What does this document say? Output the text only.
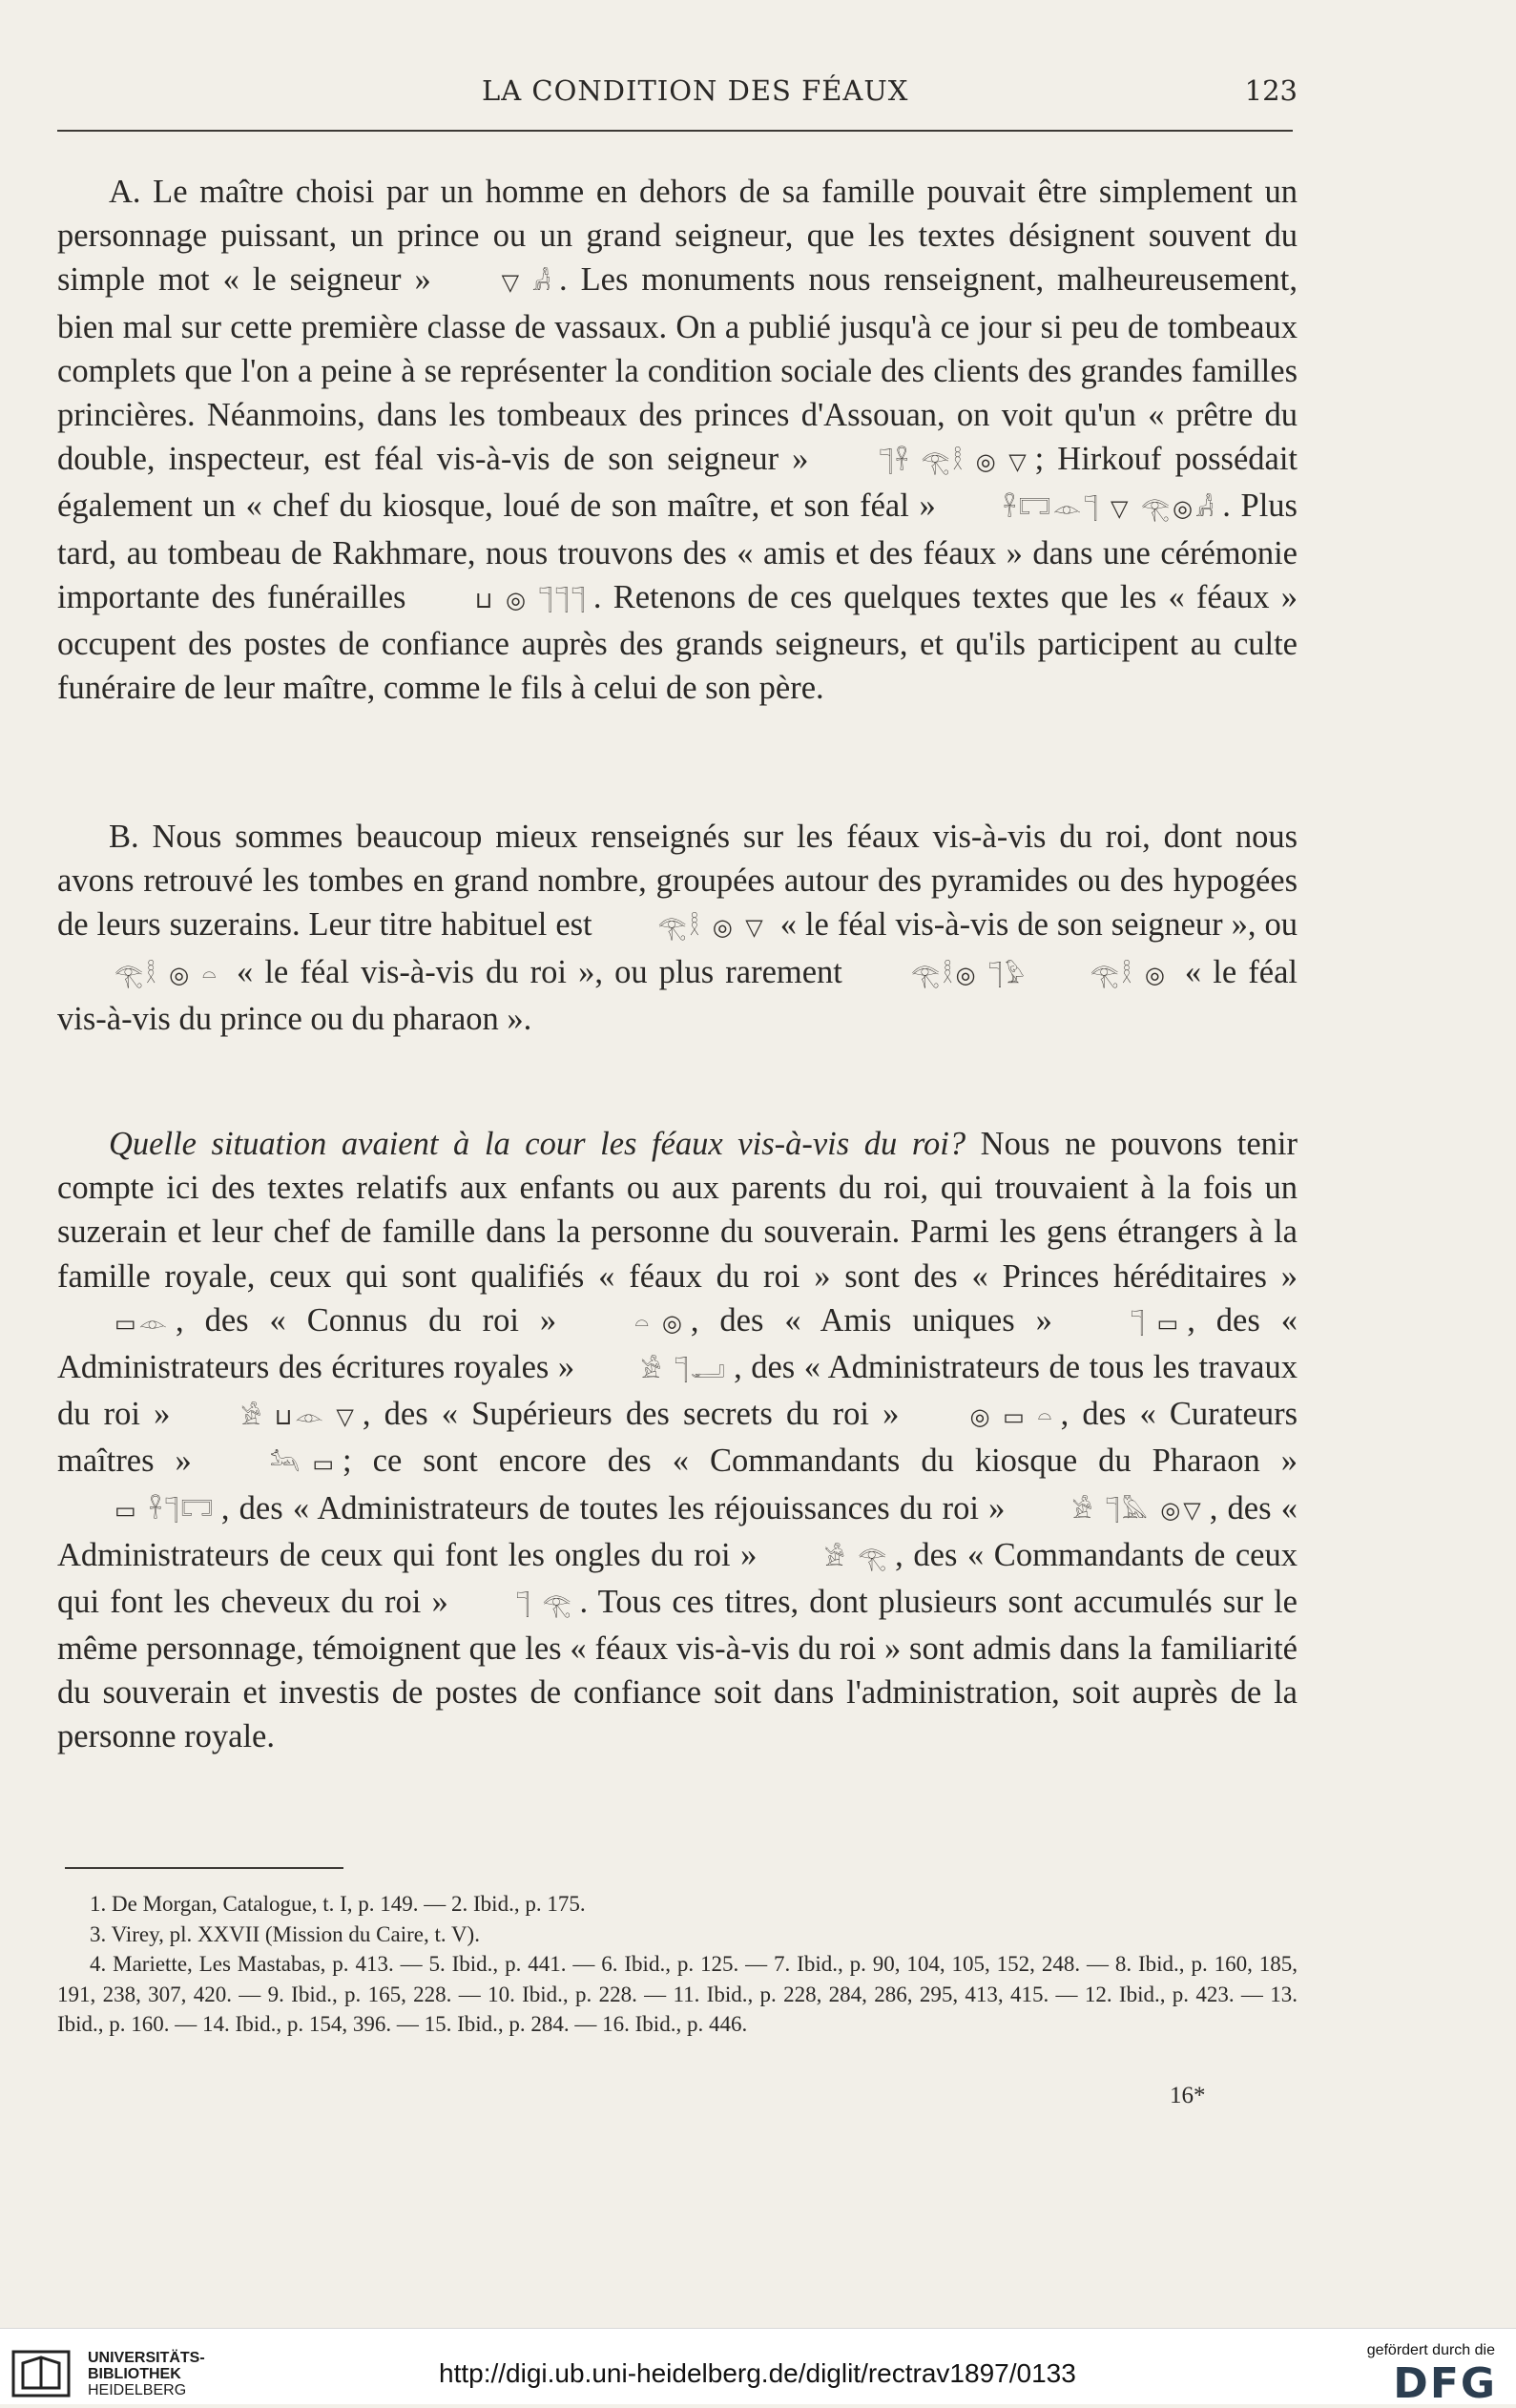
LA CONDITION DES FÉAUX	123

A. Le maître choisi par un homme en dehors de sa famille pouvait être simplement un personnage puissant, un prince ou un grand seigneur, que les textes désignent souvent du simple mot « le seigneur »	▽ 𓀻 . Les monuments nous renseignent, malheureusement, bien mal sur cette première classe de vassaux. On a publié jusqu'à ce jour si peu de tombeaux complets que l'on a peine à se représenter la condition sociale des clients des grandes familles princières. Néanmoins, dans les tombeaux des princes d'Assouan, on voit qu'un « prêtre du double, inspecteur, est féal vis-à-vis de son seigneur »	𓊹𓋹 𓂀𓎛 ◎ ▽ ; Hirkouf possédait également un « chef du kiosque, loué de son maître, et son féal »	𓋹𓉐𓁹𓊹 ▽ 𓂀◎𓀻 . Plus tard, au tombeau de Rakhmare, nous trouvons des « amis et des féaux » dans une cérémonie importante des funérailles	⊔ ◎ 𓊹𓊹𓊹 . Retenons de ces quelques textes que les « féaux » occupent des postes de confiance auprès des grands seigneurs, et qu'ils participent au culte funéraire de leur maître, comme le fils à celui de son père.

B. Nous sommes beaucoup mieux renseignés sur les féaux vis-à-vis du roi, dont nous avons retrouvé les tombes en grand nombre, groupées autour des pyramides ou des hypogées de leurs suzerains. Leur titre habituel est	𓂀𓎛 ◎ ▽ « le féal vis-à-vis de son seigneur », ou 𓂀𓎛 ◎ 𓏏 « le féal vis-à-vis du roi », ou plus rarement	𓂀𓎛◎ 𓊹𓅱	𓂀𓎛 ◎ « le féal vis-à-vis du prince ou du pharaon ».

Quelle situation avaient à la cour les féaux vis-à-vis du roi? Nous ne pouvons tenir compte ici des textes relatifs aux enfants ou aux parents du roi, qui trouvaient à la fois un suzerain et leur chef de famille dans la personne du souverain. Parmi les gens étrangers à la famille royale, ceux qui sont qualifiés « féaux du roi » sont des « Princes héréditaires » ▭𓁹 , des « Connus du roi »	𓏏 ◎ , des « Amis uniques »	𓊹 ▭ , des « Administrateurs des écritures royales »	𓀀 𓊹𓂝 , des « Administrateurs de tous les travaux du roi »	𓀀 ⊔𓁹 ▽ , des « Supérieurs des secrets du roi »	◎ ▭ 𓏏 , des « Curateurs maîtres »	𓃢 ▭ ; ce sont encore des « Commandants du kiosque du Pharaon » ▭ 𓋹𓊹𓉐 , des « Administrateurs de toutes les réjouissances du roi »	𓀀 𓊹𓅓 ◎▽ , des « Administrateurs de ceux qui font les ongles du roi »	𓀀 𓂀 , des « Commandants de ceux qui font les cheveux du roi »	𓊹 𓂀 . Tous ces titres, dont plusieurs sont accumulés sur le même personnage, témoignent que les « féaux vis-à-vis du roi » sont admis dans la familiarité du souverain et investis de postes de confiance soit dans l'administration, soit auprès de la personne royale.

1. De Morgan, Catalogue, t. I, p. 149. — 2. Ibid., p. 175.

3. Virey, pl. XXVII (Mission du Caire, t. V).

4. Mariette, Les Mastabas, p. 413. — 5. Ibid., p. 441. — 6. Ibid., p. 125. — 7. Ibid., p. 90, 104, 105, 152, 248. — 8. Ibid., p. 160, 185, 191, 238, 307, 420. — 9. Ibid., p. 165, 228. — 10. Ibid., p. 228. — 11. Ibid., p. 228, 284, 286, 295, 413, 415. — 12. Ibid., p. 423. — 13. Ibid., p. 160. — 14. Ibid., p. 154, 396. — 15. Ibid., p. 284. — 16. Ibid., p. 446.

16*
UNIVERSITÄTS-
BIBLIOTHEK
HEIDELBERG
http://digi.ub.uni-heidelberg.de/diglit/rectrav1897/0133
gefördert durch die
DFG
